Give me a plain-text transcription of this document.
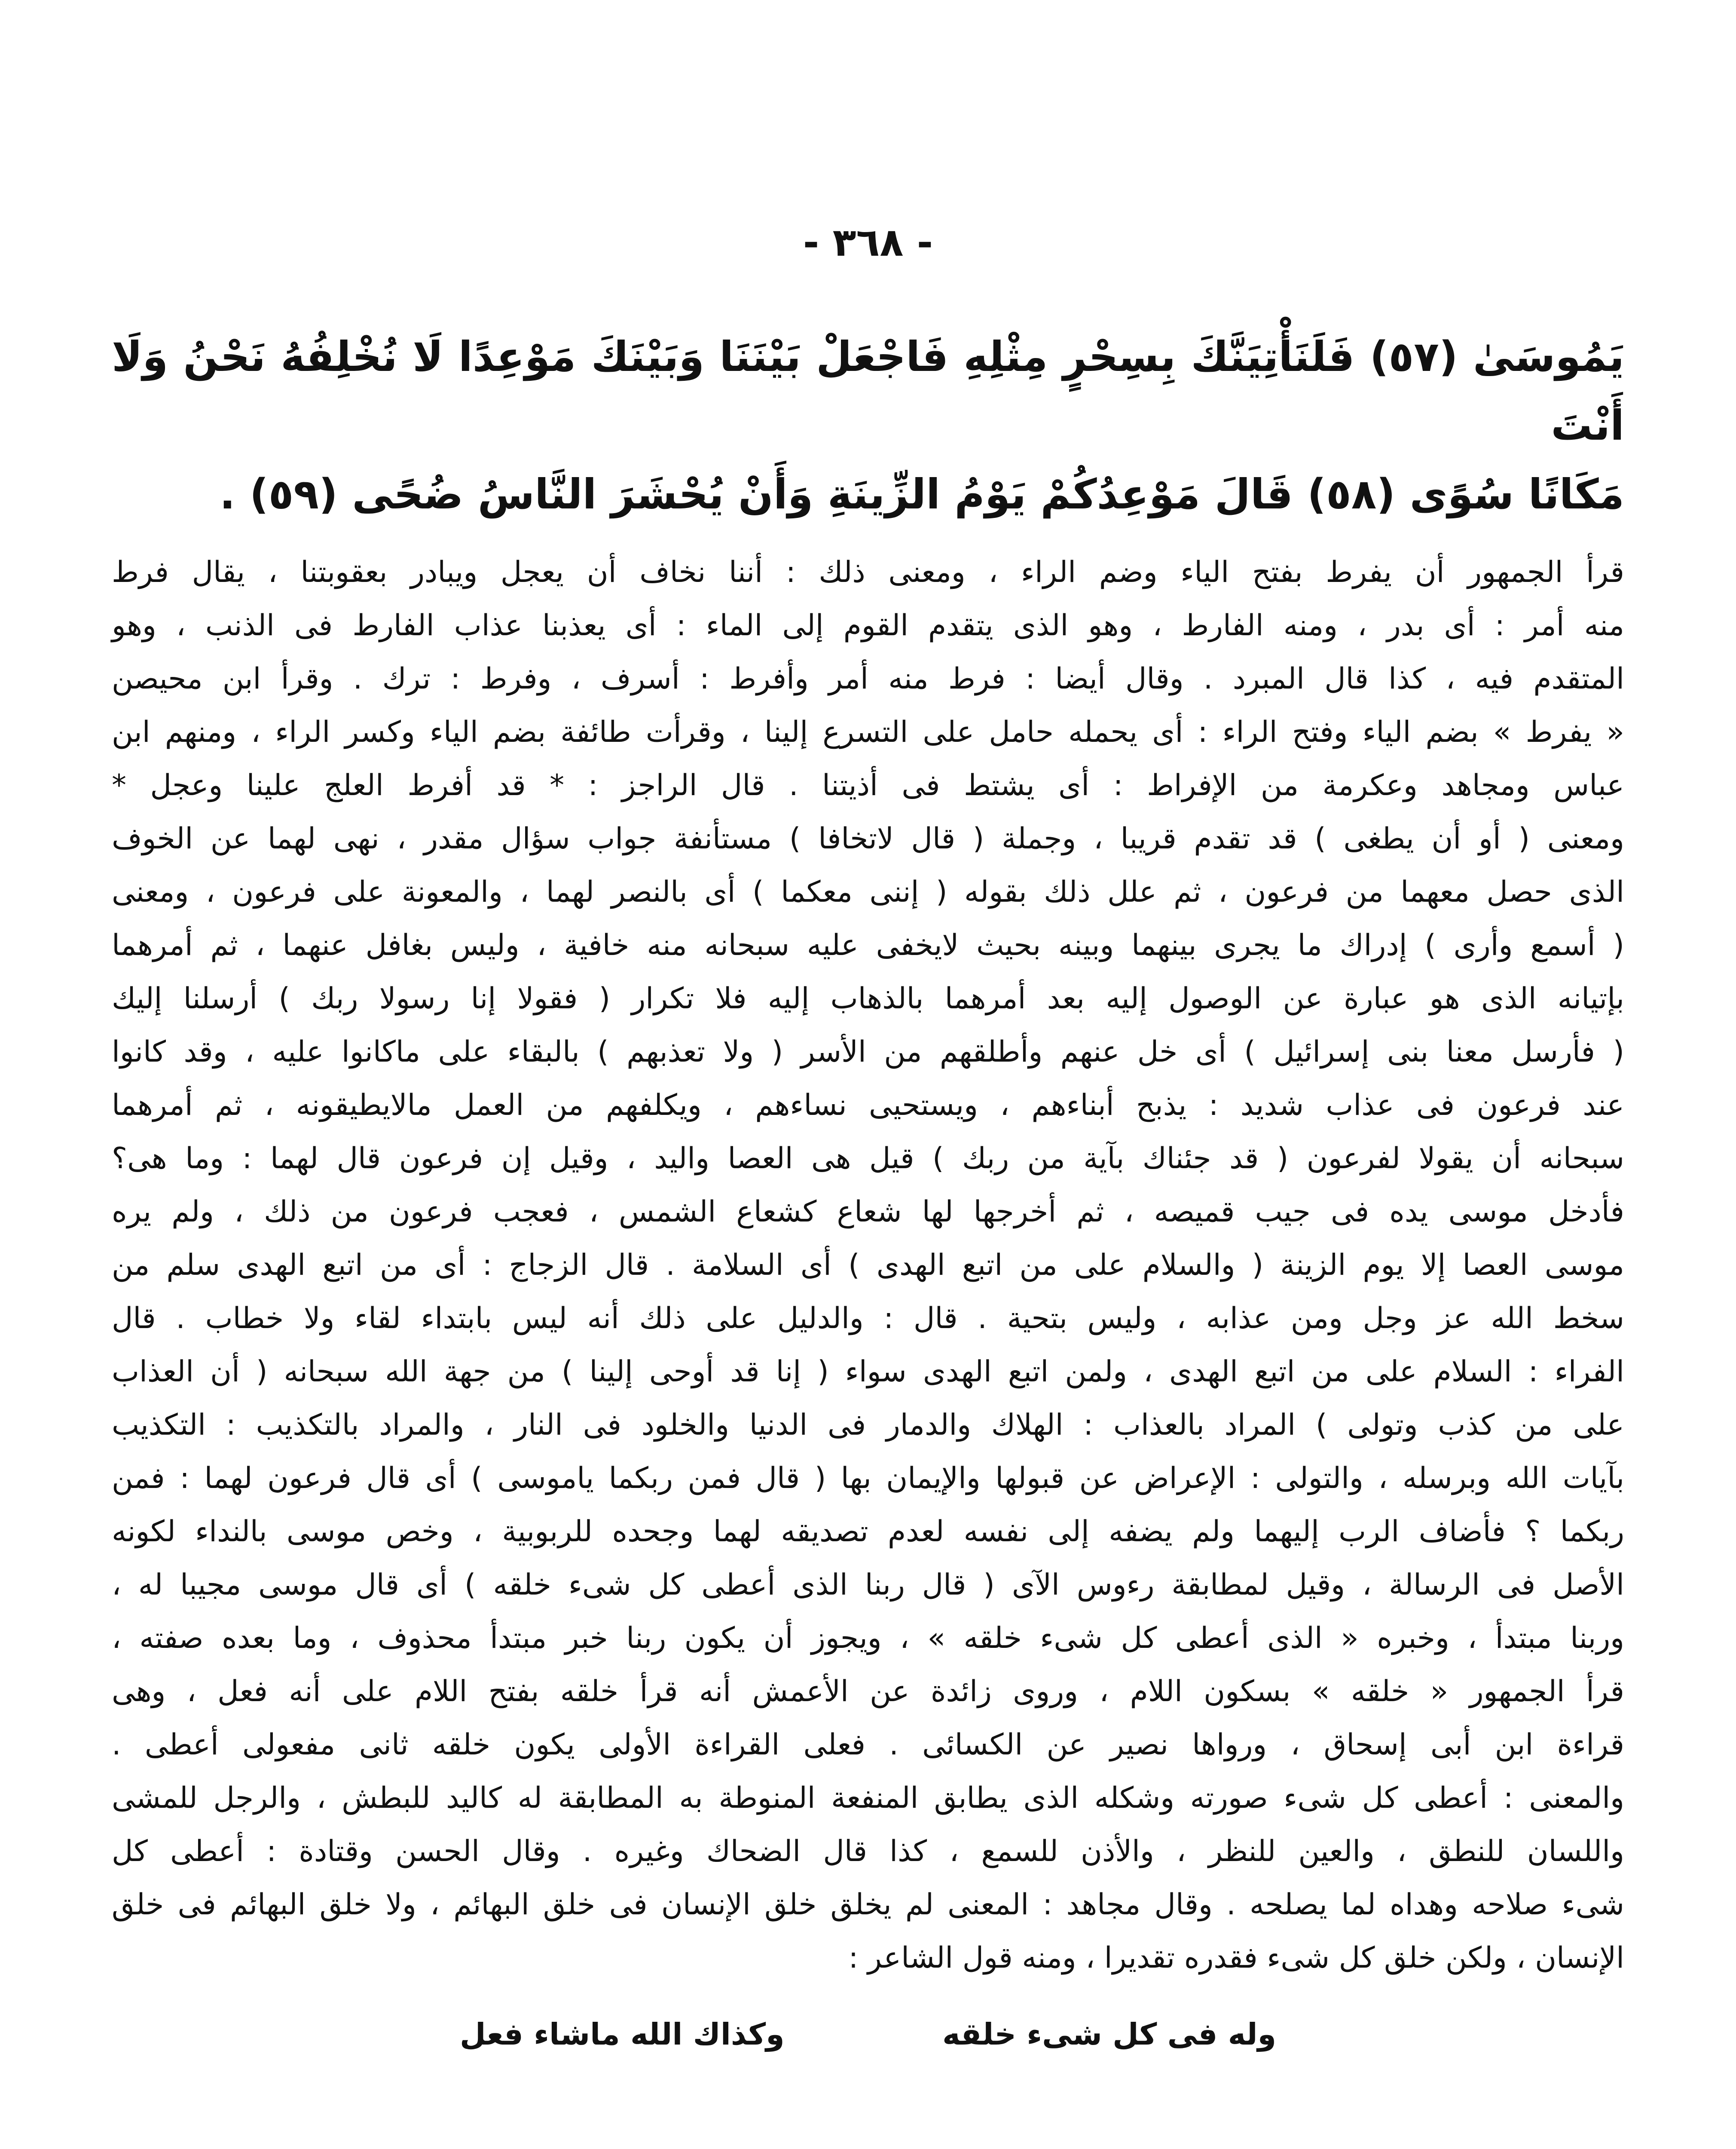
- ٣٦٨ -
يَمُوسَىٰ (٥٧) فَلَنَأْتِيَنَّكَ بِسِحْرٍ مِثْلِهِ فَاجْعَلْ بَيْنَنَا وَبَيْنَكَ مَوْعِدًا لَا نُخْلِفُهُ نَحْنُ وَلَا أَنْتَ
مَكَانًا سُوًى (٥٨) قَالَ مَوْعِدُكُمْ يَوْمُ الزِّينَةِ وَأَنْ يُحْشَرَ النَّاسُ ضُحًى (٥٩) .
قرأ الجمهور أن يفرط بفتح الياء وضم الراء ، ومعنى ذلك : أننا نخاف أن يعجل ويبادر بعقوبتنا ، يقال فرط
منه أمر : أى بدر ، ومنه الفارط ، وهو الذى يتقدم القوم إلى الماء : أى يعذبنا عذاب الفارط فى الذنب ، وهو
المتقدم فيه ، كذا قال المبرد . وقال أيضا : فرط منه أمر وأفرط : أسرف ، وفرط : ترك . وقرأ ابن محيصن
« يفرط » بضم الياء وفتح الراء : أى يحمله حامل على التسرع إلينا ، وقرأت طائفة بضم الياء وكسر الراء ، ومنهم ابن
عباس ومجاهد وعكرمة من الإفراط : أى يشتط فى أذيتنا . قال الراجز : * قد أفرط العلج علينا وعجل *
ومعنى ( أو أن يطغى ) قد تقدم قريبا ، وجملة ( قال لاتخافا ) مستأنفة جواب سؤال مقدر ، نهى لهما عن الخوف
الذى حصل معهما من فرعون ، ثم علل ذلك بقوله ( إننى معكما ) أى بالنصر لهما ، والمعونة على فرعون ، ومعنى
( أسمع وأرى ) إدراك ما يجرى بينهما وبينه بحيث لايخفى عليه سبحانه منه خافية ، وليس بغافل عنهما ، ثم أمرهما
بإتيانه الذى هو عبارة عن الوصول إليه بعد أمرهما بالذهاب إليه فلا تكرار ( فقولا إنا رسولا ربك ) أرسلنا إليك
( فأرسل معنا بنى إسرائيل ) أى خل عنهم وأطلقهم من الأسر ( ولا تعذبهم ) بالبقاء على ماكانوا عليه ، وقد كانوا
عند فرعون فى عذاب شديد : يذبح أبناءهم ، ويستحيى نساءهم ، ويكلفهم من العمل مالايطيقونه ، ثم أمرهما
سبحانه أن يقولا لفرعون ( قد جئناك بآية من ربك ) قيل هى العصا واليد ، وقيل إن فرعون قال لهما : وما هى؟
فأدخل موسى يده فى جيب قميصه ، ثم أخرجها لها شعاع كشعاع الشمس ، فعجب فرعون من ذلك ، ولم يره
موسى العصا إلا يوم الزينة ( والسلام على من اتبع الهدى ) أى السلامة . قال الزجاج : أى من اتبع الهدى سلم من
سخط الله عز وجل ومن عذابه ، وليس بتحية . قال : والدليل على ذلك أنه ليس بابتداء لقاء ولا خطاب . قال
الفراء : السلام على من اتبع الهدى ، ولمن اتبع الهدى سواء ( إنا قد أوحى إلينا ) من جهة الله سبحانه ( أن العذاب
على من كذب وتولى ) المراد بالعذاب : الهلاك والدمار فى الدنيا والخلود فى النار ، والمراد بالتكذيب : التكذيب
بآيات الله وبرسله ، والتولى : الإعراض عن قبولها والإيمان بها ( قال فمن ربكما ياموسى ) أى قال فرعون لهما : فمن
ربكما ؟ فأضاف الرب إليهما ولم يضفه إلى نفسه لعدم تصديقه لهما وجحده للربوبية ، وخص موسى بالنداء لكونه
الأصل فى الرسالة ، وقيل لمطابقة رءوس الآى ( قال ربنا الذى أعطى كل شىء خلقه ) أى قال موسى مجيبا له ،
وربنا مبتدأ ، وخبره « الذى أعطى كل شىء خلقه » ، ويجوز أن يكون ربنا خبر مبتدأ محذوف ، وما بعده صفته ،
قرأ الجمهور « خلقه » بسكون اللام ، وروى زائدة عن الأعمش أنه قرأ خلقه بفتح اللام على أنه فعل ، وهى
قراءة ابن أبى إسحاق ، ورواها نصير عن الكسائى . فعلى القراءة الأولى يكون خلقه ثانى مفعولى أعطى .
والمعنى : أعطى كل شىء صورته وشكله الذى يطابق المنفعة المنوطة به المطابقة له كاليد للبطش ، والرجل للمشى
واللسان للنطق ، والعين للنظر ، والأذن للسمع ، كذا قال الضحاك وغيره . وقال الحسن وقتادة : أعطى كل
شىء صلاحه وهداه لما يصلحه . وقال مجاهد : المعنى لم يخلق خلق الإنسان فى خلق البهائم ، ولا خلق البهائم فى خلق
الإنسان ، ولكن خلق كل شىء فقدره تقديرا ، ومنه قول الشاعر :
وله فى كل شىء خلقه
وكذاك الله ماشاء فعل
